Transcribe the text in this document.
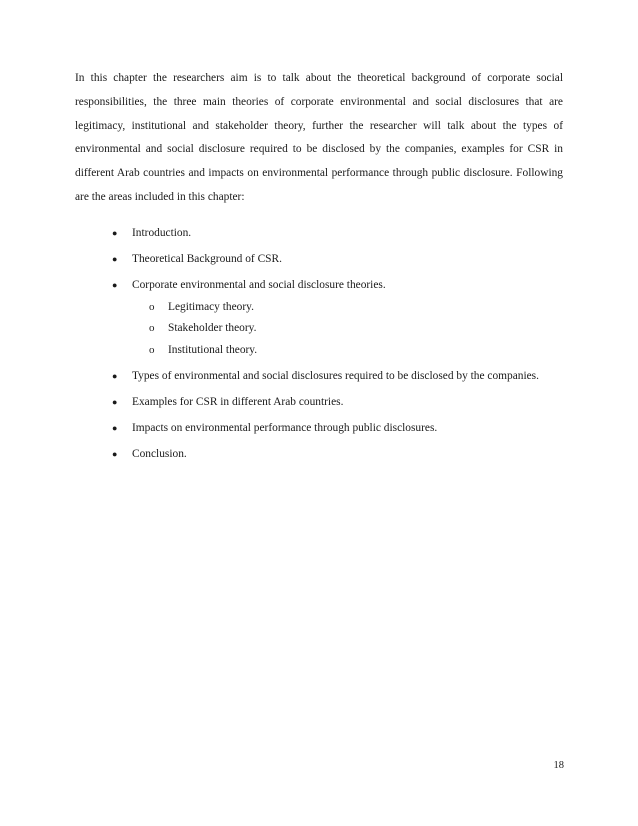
In this chapter the researchers aim is to talk about the theoretical background of corporate social responsibilities, the three main theories of corporate environmental and social disclosures that are legitimacy, institutional and stakeholder theory, further the researcher will talk about the types of environmental and social disclosure required to be disclosed by the companies, examples for CSR in different Arab countries and impacts on environmental performance through public disclosure. Following are the areas included in this chapter:

● Introduction.
● Theoretical Background of CSR.
● Corporate environmental and social disclosure theories.
o Legitimacy theory.
o Stakeholder theory.
o Institutional theory.
● Types of environmental and social disclosures required to be disclosed by the companies.
● Examples for CSR in different Arab countries.
● Impacts on environmental performance through public disclosures.
● Conclusion.
18
